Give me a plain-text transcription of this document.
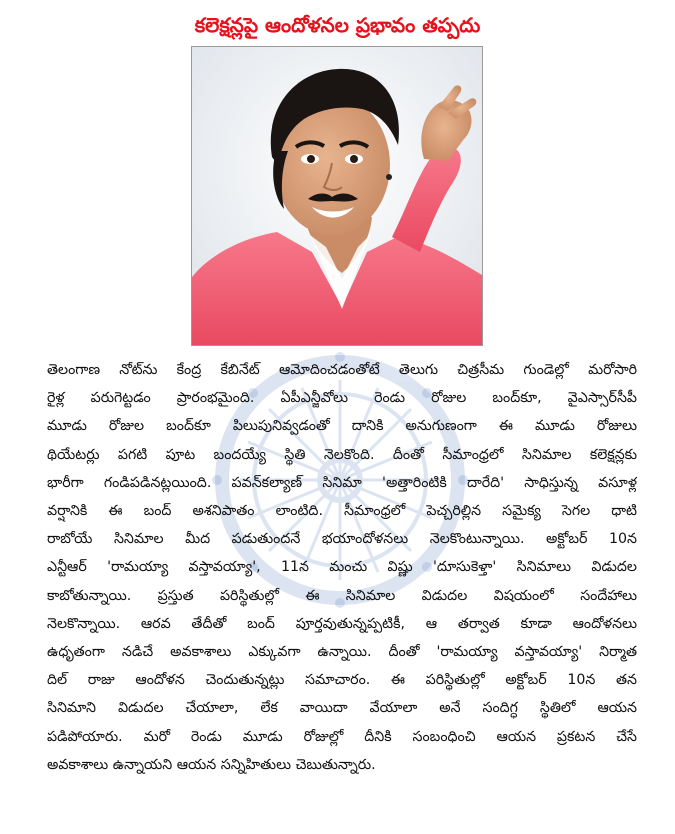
కలెక్షన్లపై ఆందోళనల ప్రభావం తప్పదు
తెలంగాణ నోట్‌ను కేంద్ర కేబినేట్ ఆమోదించడంతోటే తెలుగు చిత్రసీమ గుండెల్లో మరోసారి
రైళ్ల పరుగెట్టడం ప్రారంభమైంది. ఏపీఎన్జీవోలు రెండు రోజుల బంద్‌కూ, వైఎస్సార్‌సీపీ
మూడు రోజుల బంద్‌కూ పిలుపునివ్వడంతో దానికి అనుగుణంగా ఈ మూడు రోజులు
థియేటర్లు పగటి పూట బందయ్యే స్థితి నెలకొంది. దీంతో సీమాంధ్రలో సినిమాల కలెక్షన్లకు
భారీగా గండిపడినట్లయింది. పవన్‌కల్యాణ్ సినిమా 'అత్తారింటికి దారేది' సాధిస్తున్న వసూళ్ల
వర్షానికి ఈ బంద్ అశనిపాతం లాంటిది. సీమాంధ్రలో పెచ్చరిల్లిన సమైక్య సెగల ధాటి
రాబోయే సినిమాల మీద పడుతుందనే భయాందోళనలు నెలకొంటున్నాయి. అక్టోబర్ 10న
ఎన్టీఆర్ 'రామయ్యా వస్తావయ్యా', 11న మంచు విష్ణు 'దూసుకెళ్తా' సినిమాలు విడుదల
కాబోతున్నాయి. ప్రస్తుత పరిస్థితుల్లో ఈ సినిమాల విడుదల విషయంలో సందేహాలు
నెలకొన్నాయి. ఆరవ తేదీతో బంద్ పూర్తవుతున్నప్పటికీ, ఆ తర్వాత కూడా ఆందోళనలు
ఉధృతంగా నడిచే అవకాశాలు ఎక్కువగా ఉన్నాయి. దీంతో 'రామయ్యా వస్తావయ్యా' నిర్మాత
దిల్ రాజు ఆందోళన చెందుతున్నట్లు సమాచారం. ఈ పరిస్థితుల్లో అక్టోబర్ 10న తన
సినిమాని విడుదల చేయాలా, లేక వాయిదా వేయాలా అనే సందిగ్ధ స్థితిలో ఆయన
పడిపోయారు. మరో రెండు మూడు రోజుల్లో దీనికి సంబంధించి ఆయన ప్రకటన చేసే
అవకాశాలు ఉన్నాయని ఆయన సన్నిహితులు చెబుతున్నారు.
